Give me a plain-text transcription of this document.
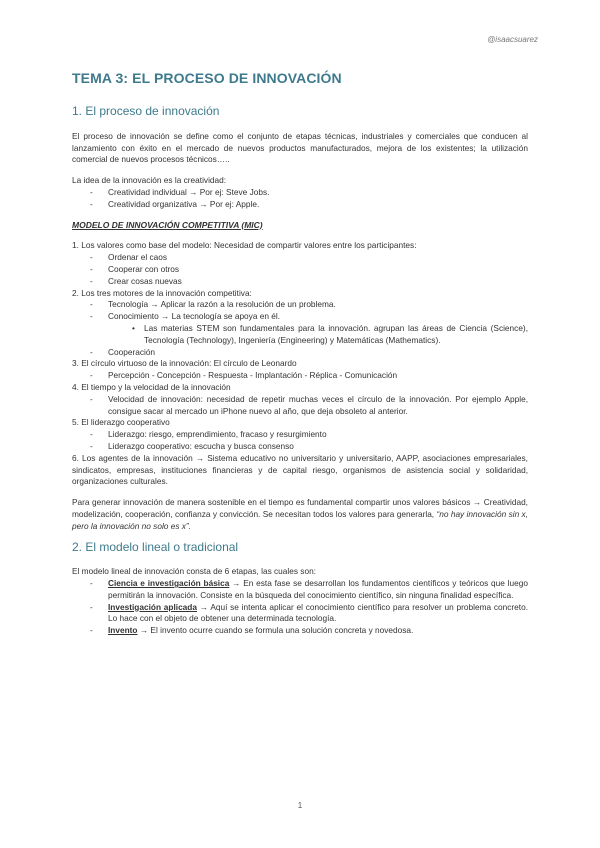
@isaacsuarez
TEMA 3: EL PROCESO DE INNOVACIÓN
1. El proceso de innovación

El proceso de innovación se define como el conjunto de etapas técnicas, industriales y comerciales que conducen al lanzamiento con éxito en el mercado de nuevos productos manufacturados, mejora de los existentes; la utilización comercial de nuevos procesos técnicos…..

La idea de la innovación es la creatividad:

- Creatividad individual → Por ej: Steve Jobs.
- Creatividad organizativa → Por ej: Apple.

MODELO DE INNOVACIÓN COMPETITIVA (MIC)

1. Los valores como base del modelo: Necesidad de compartir valores entre los participantes:

- Ordenar el caos
- Cooperar con otros
- Crear cosas nuevas

2. Los tres motores de la innovación competitiva:

- Tecnología → Aplicar la razón a la resolución de un problema.
- Conocimiento → La tecnología se apoya en él.
• Las materias STEM son fundamentales para la innovación. agrupan las áreas de Ciencia (Science), Tecnología (Technology), Ingeniería (Engineering) y Matemáticas (Mathematics).
- Cooperación

3. El círculo virtuoso de la innovación: El círculo de Leonardo

- Percepción - Concepción - Respuesta - Implantación - Réplica - Comunicación

4. El tiempo y la velocidad de la innovación

- Velocidad de innovación: necesidad de repetir muchas veces el círculo de la innovación. Por ejemplo Apple, consigue sacar al mercado un iPhone nuevo al año, que deja obsoleto al anterior.

5. El liderazgo cooperativo

- Liderazgo: riesgo, emprendimiento, fracaso y resurgimiento
- Liderazgo cooperativo: escucha y busca consenso

6. Los agentes de la innovación → Sistema educativo no universitario y universitario, AAPP, asociaciones empresariales, sindicatos, empresas, instituciones financieras y de capital riesgo, organismos de asistencia social y solidaridad, organizaciones culturales.

Para generar innovación de manera sostenible en el tiempo es fundamental compartir unos valores básicos → Creatividad, modelización, cooperación, confianza y convicción. Se necesitan todos los valores para generarla, “no hay innovación sin x, pero la innovación no solo es x”.

2. El modelo lineal o tradicional

El modelo lineal de innovación consta de 6 etapas, las cuales son:

- Ciencia e investigación básica → En esta fase se desarrollan los fundamentos científicos y teóricos que luego permitirán la innovación. Consiste en la búsqueda del conocimiento científico, sin ninguna finalidad específica.
- Investigación aplicada → Aquí se intenta aplicar el conocimiento científico para resolver un problema concreto. Lo hace con el objeto de obtener una determinada tecnología.
- Invento → El invento ocurre cuando se formula una solución concreta y novedosa.
1
